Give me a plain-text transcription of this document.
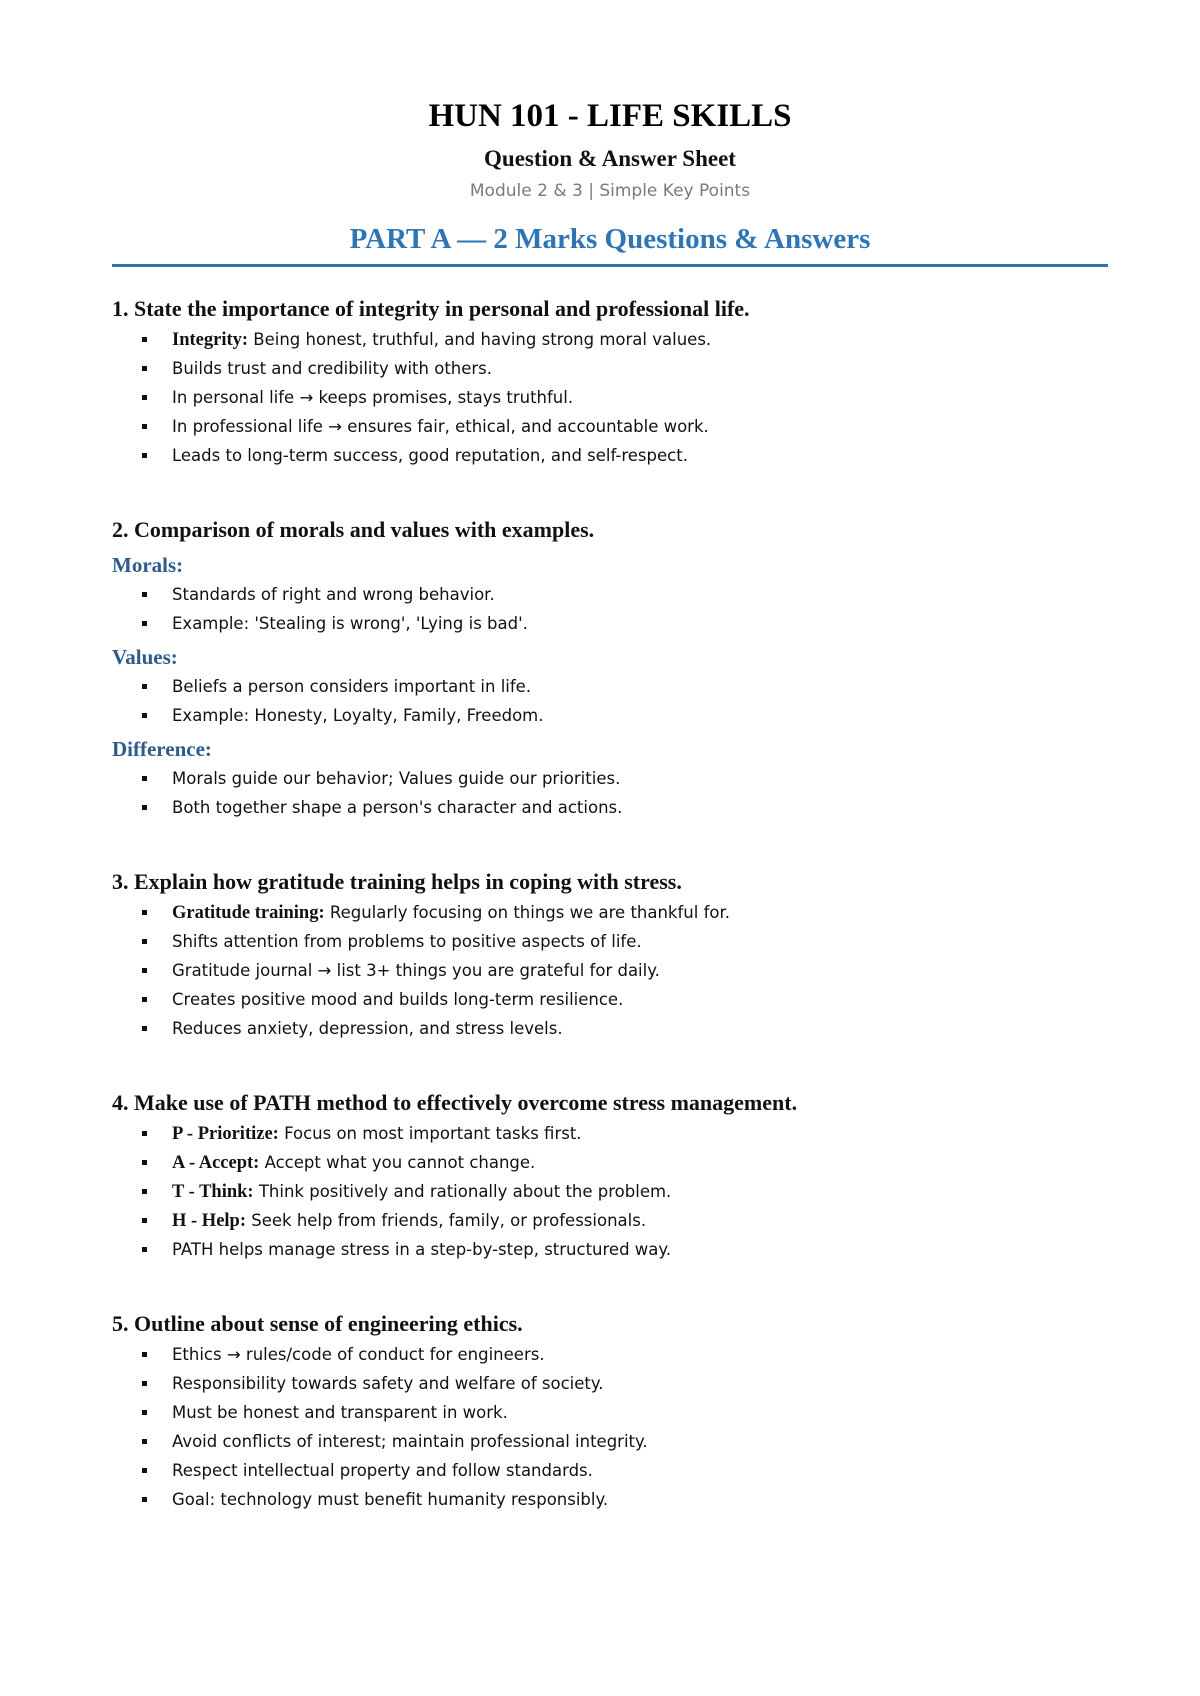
HUN 101 - LIFE SKILLS
Question & Answer Sheet
Module 2 & 3 | Simple Key Points
PART A — 2 Marks Questions & Answers
1. State the importance of integrity in personal and professional life.
Integrity: Being honest, truthful, and having strong moral values.
Builds trust and credibility with others.
In personal life → keeps promises, stays truthful.
In professional life → ensures fair, ethical, and accountable work.
Leads to long-term success, good reputation, and self-respect.
2. Comparison of morals and values with examples.
Morals:
Standards of right and wrong behavior.
Example: 'Stealing is wrong', 'Lying is bad'.
Values:
Beliefs a person considers important in life.
Example: Honesty, Loyalty, Family, Freedom.
Difference:
Morals guide our behavior; Values guide our priorities.
Both together shape a person's character and actions.
3. Explain how gratitude training helps in coping with stress.
Gratitude training: Regularly focusing on things we are thankful for.
Shifts attention from problems to positive aspects of life.
Gratitude journal → list 3+ things you are grateful for daily.
Creates positive mood and builds long-term resilience.
Reduces anxiety, depression, and stress levels.
4. Make use of PATH method to effectively overcome stress management.
P - Prioritize: Focus on most important tasks first.
A - Accept: Accept what you cannot change.
T - Think: Think positively and rationally about the problem.
H - Help: Seek help from friends, family, or professionals.
PATH helps manage stress in a step-by-step, structured way.
5. Outline about sense of engineering ethics.
Ethics → rules/code of conduct for engineers.
Responsibility towards safety and welfare of society.
Must be honest and transparent in work.
Avoid conflicts of interest; maintain professional integrity.
Respect intellectual property and follow standards.
Goal: technology must benefit humanity responsibly.
